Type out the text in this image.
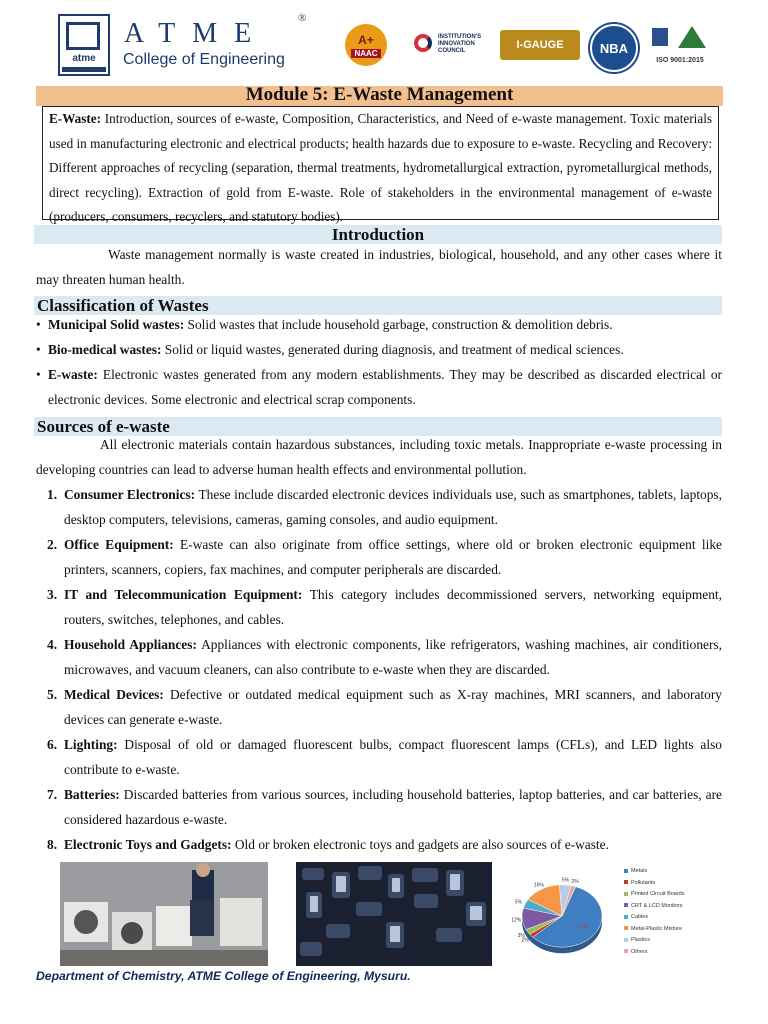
atme
ATME	®
College of Engineering
A+
NAAC
INSTITUTION'S INNOVATION COUNCIL	I-GAUGE	NBA
ISO 9001:2015
Module 5: E-Waste Management
E-Waste: Introduction, sources of e-waste, Composition, Characteristics, and Need of e-waste management. Toxic materials used in manufacturing electronic and electrical products; health hazards due to exposure to e-waste. Recycling and Recovery: Different approaches of recycling (separation, thermal treatments, hydrometallurgical extraction, pyrometallurgical methods, direct recycling). Extraction of gold from E-waste. Role of stakeholders in the environmental management of e-waste (producers, consumers, recyclers, and statutory bodies).
Introduction
Waste management normally is waste created in industries, biological, household, and any other cases where it may threaten human health.
Classification of Wastes
• Municipal Solid wastes: Solid wastes that include household garbage, construction & demolition debris.
• Bio-medical wastes: Solid or liquid wastes, generated during diagnosis, and treatment of medical sciences.
• E-waste: Electronic wastes generated from any modern establishments. They may be described as discarded electrical or electronic devices. Some electronic and electrical scrap components.
Sources of e-waste
All electronic materials contain hazardous substances, including toxic metals. Inappropriate e-waste processing in developing countries can lead to adverse human health effects and environmental pollution.
1. Consumer Electronics: These include discarded electronic devices individuals use, such as smartphones, tablets, laptops, desktop computers, televisions, cameras, gaming consoles, and audio equipment.
2. Office Equipment: E-waste can also originate from office settings, where old or broken electronic equipment like printers, scanners, copiers, fax machines, and computer peripherals are discarded.
3. IT and Telecommunication Equipment: This category includes decommissioned servers, networking equipment, routers, switches, telephones, and cables.
4. Household Appliances: Appliances with electronic components, like refrigerators, washing machines, air conditioners, microwaves, and vacuum cleaners, can also contribute to e-waste when they are discarded.
5. Medical Devices: Defective or outdated medical equipment such as X-ray machines, MRI scanners, and laboratory devices can generate e-waste.
6. Lighting: Disposal of old or damaged fluorescent bulbs, compact fluorescent lamps (CFLs), and LED lights also contribute to e-waste.
7. Batteries: Discarded batteries from various sources, including household batteries, laptop batteries, and car batteries, are considered hazardous e-waste.
8. Electronic Toys and Gadgets: Old or broken electronic toys and gadgets are also sources of e-waste.
61%
2%
3%
12%
5%
16%
5% 2%
Metals
Pollutants
Printed Circuit Boards
CRT & LCD Monitors
Cables
Metal-Plastic Mixture
Plastics
Others
Department of Chemistry, ATME College of Engineering, Mysuru.
